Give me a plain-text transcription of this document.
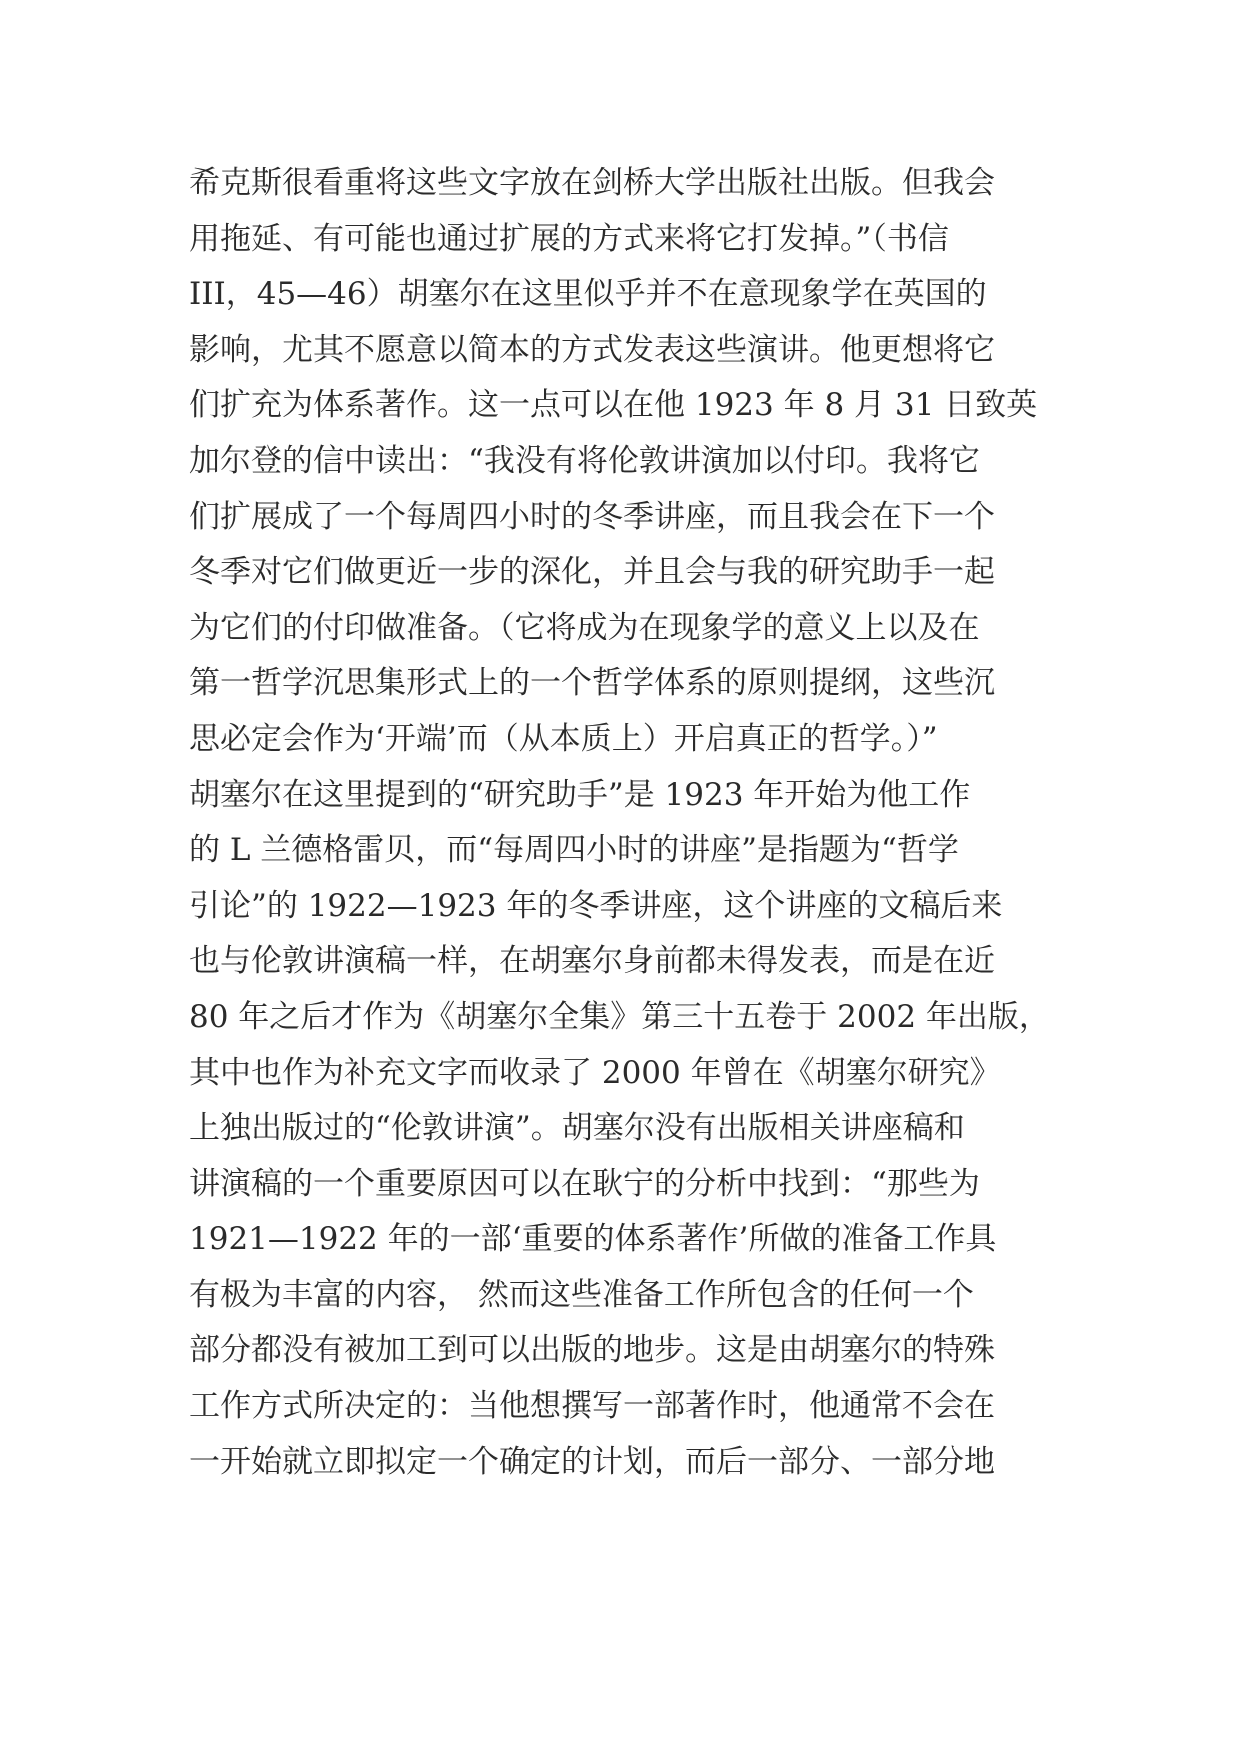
希克斯很看重将这些文字放在剑桥大学出版社出版。但我会
用拖延、有可能也通过扩展的方式来将它打发掉。”（书信
III，45—46）胡塞尔在这里似乎并不在意现象学在英国的
影响，尤其不愿意以简本的方式发表这些演讲。他更想将它
们扩充为体系著作。这一点可以在他 1923 年 8 月 31 日致英
加尔登的信中读出：“我没有将伦敦讲演加以付印。我将它
们扩展成了一个每周四小时的冬季讲座，而且我会在下一个
冬季对它们做更近一步的深化，并且会与我的研究助手一起
为它们的付印做准备。（它将成为在现象学的意义上以及在
第一哲学沉思集形式上的一个哲学体系的原则提纲，这些沉
思必定会作为‘开端’而（从本质上）开启真正的哲学。）”
胡塞尔在这里提到的“研究助手”是 1923 年开始为他工作
的 L 兰德格雷贝，而“每周四小时的讲座”是指题为“哲学
引论”的 1922—1923 年的冬季讲座，这个讲座的文稿后来
也与伦敦讲演稿一样，在胡塞尔身前都未得发表，而是在近
80 年之后才作为《胡塞尔全集》第三十五卷于 2002 年出版，
其中也作为补充文字而收录了 2000 年曾在《胡塞尔研究》
上独出版过的“伦敦讲演”。胡塞尔没有出版相关讲座稿和
讲演稿的一个重要原因可以在耿宁的分析中找到：“那些为
1921—1922 年的一部‘重要的体系著作’所做的准备工作具
有极为丰富的内容， 然而这些准备工作所包含的任何一个
部分都没有被加工到可以出版的地步。这是由胡塞尔的特殊
工作方式所决定的：当他想撰写一部著作时，他通常不会在
一开始就立即拟定一个确定的计划，而后一部分、一部分地
